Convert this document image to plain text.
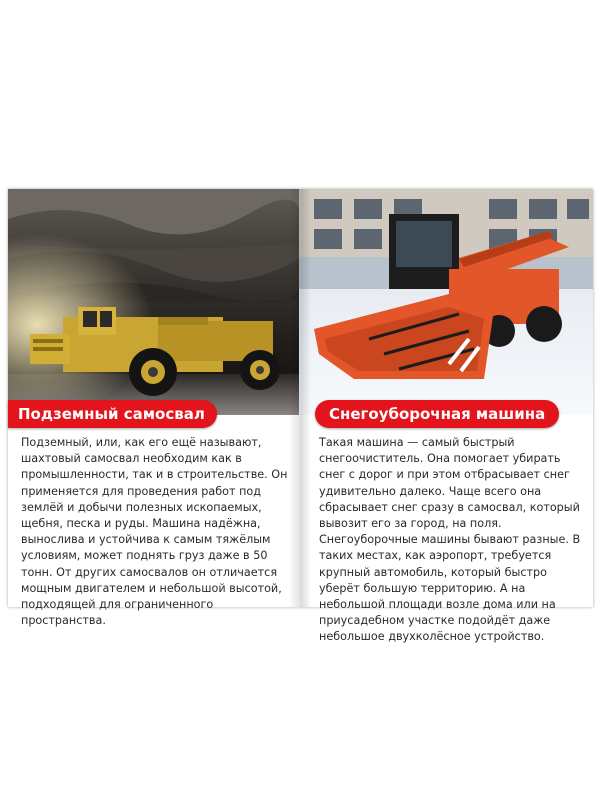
Подземный самосвал
Подземный, или, как его ещё называют, шахтовый самосвал необходим как в промышленности, так и в строительстве. Он применяется для проведения работ под землёй и добычи полезных ископаемых, щебня, песка и руды. Машина надёжна, вынослива и устойчива к самым тяжёлым условиям, может поднять груз даже в 50 тонн. От других самосвалов он отличается мощным двигателем и небольшой высотой, подходящей для ограниченного пространства.
Снегоуборочная машина
Такая машина — самый быстрый снегоочиститель. Она помогает убирать снег с дорог и при этом отбрасывает снег удивительно далеко. Чаще всего она сбрасывает снег сразу в самосвал, который вывозит его за город, на поля. Снегоуборочные машины бывают разные. В таких местах, как аэропорт, требуется крупный автомобиль, который быстро уберёт большую территорию. А на небольшой площади возле дома или на приусадебном участке подойдёт даже небольшое двухколёсное устройство.
